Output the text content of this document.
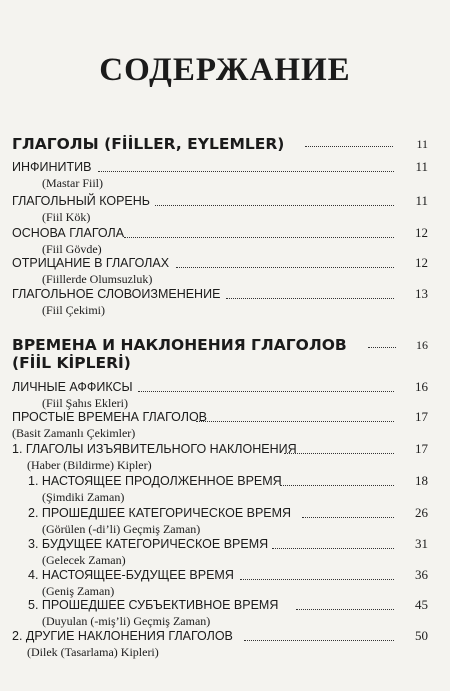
СОДЕРЖАНИЕ
ГЛАГОЛЫ (FİİLLER, EYLEMLER)	11
ИНФИНИТИВ	11
(Mastar Fiil)
ГЛАГОЛЬНЫЙ КОРЕНЬ	11
(Fiil Kök)
ОСНОВА ГЛАГОЛА	12
(Fiil Gövde)
ОТРИЦАНИЕ В ГЛАГОЛАХ	12
(Fiillerde Olumsuzluk)
ГЛАГОЛЬНОЕ СЛОВОИЗМЕНЕНИЕ	13
(Fiil Çekimi)
ВРЕМЕНА И НАКЛОНЕНИЯ ГЛАГОЛОВ	16
(FİİL KİPLERİ)
ЛИЧНЫЕ АФФИКСЫ	16
(Fiil Şahıs Ekleri)
ПРОСТЫЕ ВРЕМЕНА ГЛАГОЛОВ	17
(Basit Zamanlı Çekimler)
1. ГЛАГОЛЫ ИЗЪЯВИТЕЛЬНОГО НАКЛОНЕНИЯ	17
(Haber (Bildirme) Kipler)
1. НАСТОЯЩЕЕ ПРОДОЛЖЕННОЕ ВРЕМЯ	18
(Şimdiki Zaman)
2. ПРОШЕДШЕЕ КАТЕГОРИЧЕСКОЕ ВРЕМЯ	26
(Görülen (-di’li) Geçmiş Zaman)
3. БУДУЩЕЕ КАТЕГОРИЧЕСКОЕ ВРЕМЯ	31
(Gelecek Zaman)
4. НАСТОЯЩЕЕ-БУДУЩЕЕ ВРЕМЯ	36
(Geniş Zaman)
5. ПРОШЕДШЕЕ СУБЪЕКТИВНОЕ ВРЕМЯ	45
(Duyulan (-miş’li) Geçmiş Zaman)
2. ДРУГИЕ НАКЛОНЕНИЯ ГЛАГОЛОВ	50
(Dilek (Tasarlama) Kipleri)
